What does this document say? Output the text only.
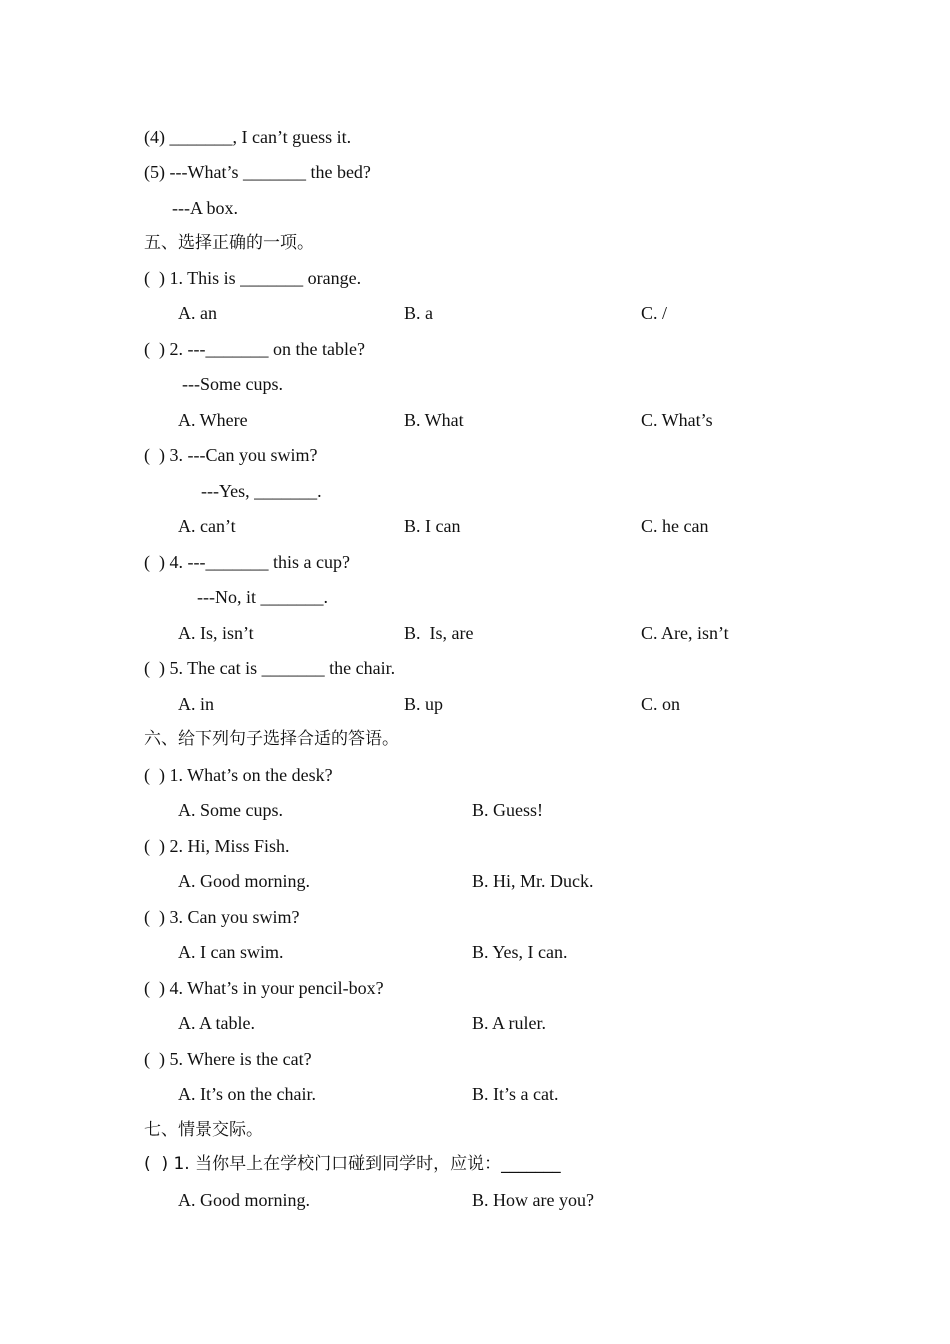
(4) _______, I can’t guess it.
(5) ---What’s _______ the bed?
---A box.
五、选择正确的一项。
(  ) 1. This is _______ orange.
A. an	B. a	C. /
(  ) 2. ---_______ on the table?
---Some cups.
A. Where	B. What	C. What’s
(  ) 3. ---Can you swim?
---Yes, _______.
A. can’t	B. I can	C. he can
(  ) 4. ---_______ this a cup?
---No, it _______.
A. Is, isn’t	B.  Is, are	C. Are, isn’t
(  ) 5. The cat is _______ the chair.
A. in	B. up	C. on
六、给下列句子选择合适的答语。
(  ) 1. What’s on the desk?
A. Some cups.	B. Guess!
(  ) 2. Hi, Miss Fish.
A. Good morning.	B. Hi, Mr. Duck.
(  ) 3. Can you swim?
A. I can swim.	B. Yes, I can.
(  ) 4. What’s in your pencil-box?
A. A table.	B. A ruler.
(  ) 5. Where is the cat?
A. It’s on the chair.	B. It’s a cat.
七、情景交际。
(  ) 1. 当你早上在学校门口碰到同学时，应说：_______
A. Good morning.	B. How are you?
